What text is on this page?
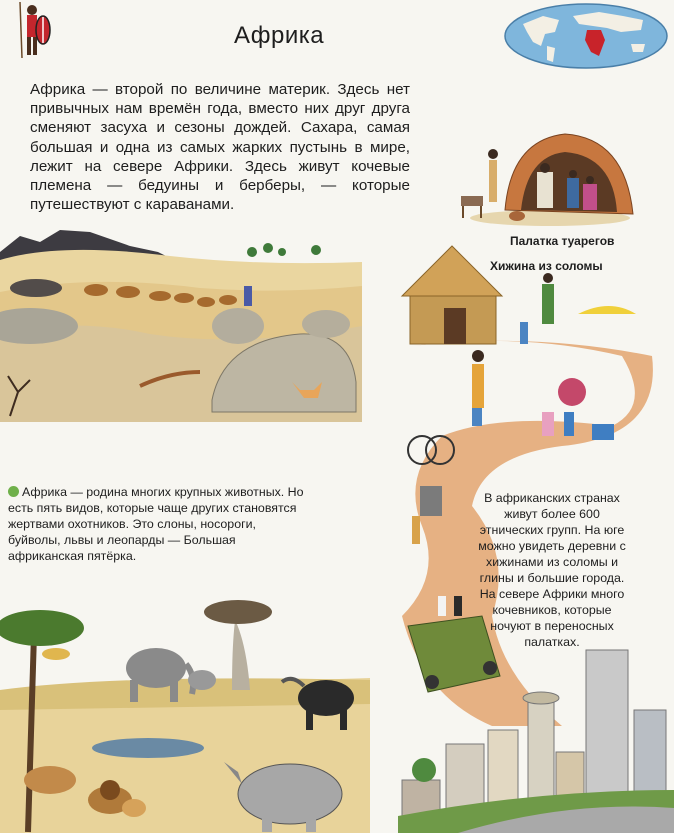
Африка
Африка — второй по величине материк. Здесь нет привычных нам времён года, вместо них друг друга сменяют засуха и сезоны дождей. Сахара, самая большая и одна из самых жарких пустынь в мире, лежит на севере Африки. Здесь живут кочевые племена — бедуины и берберы, — которые путешествуют с караванами.
Палатка туарегов
Хижина из соломы
Африка — родина многих крупных животных. Но есть пять видов, которые чаще других становятся жертвами охотников. Это слоны, носороги, буйволы, львы и леопарды — Большая африканская пятёрка.
В африканских странах живут более 600 этнических групп. На юге можно увидеть деревни с хижинами из соломы и глины и большие города. На севере Африки много кочевников, которые ночуют в переносных палатках.
